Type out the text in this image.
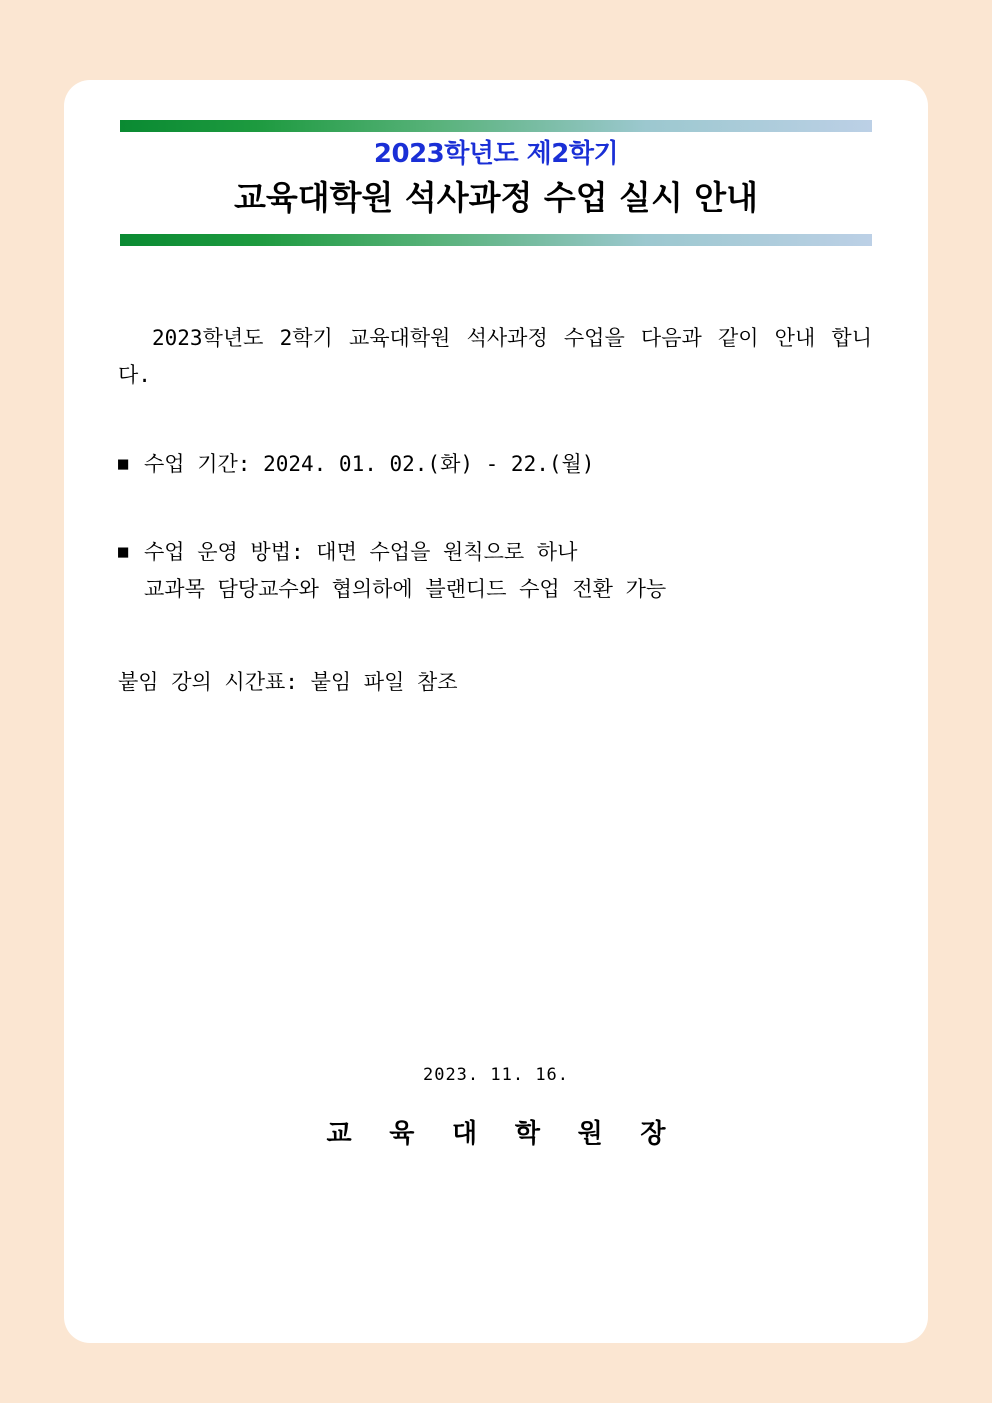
2023학년도 제2학기
교육대학원 석사과정 수업 실시 안내
2023학년도 2학기 교육대학원 석사과정 수업을 다음과 같이 안내 합니다.
■ 수업 기간: 2024. 01. 02.(화) - 22.(월)
■ 수업 운영 방법: 대면 수업을 원칙으로 하나
교과목 담당교수와 협의하에 블랜디드 수업 전환 가능
붙임 강의 시간표: 붙임 파일 참조
2023. 11. 16.
교 육 대 학 원 장
